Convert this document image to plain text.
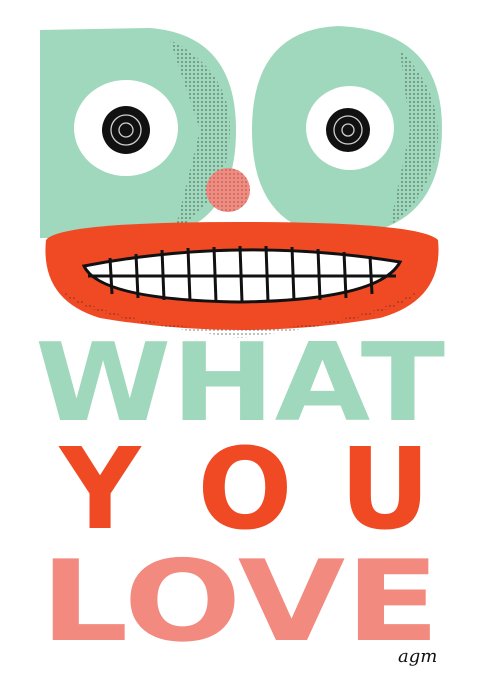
WHAT
Y O U
LOVE
agm
